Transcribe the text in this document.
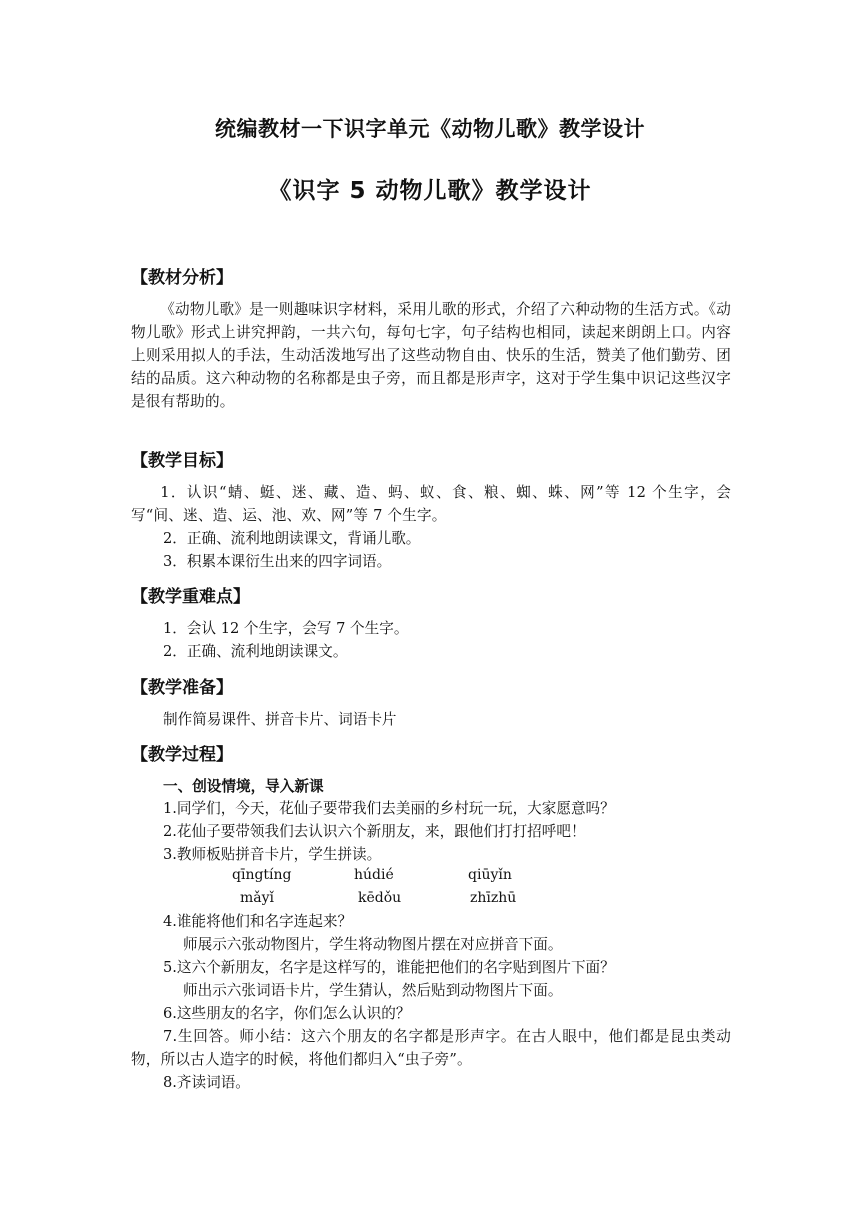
统编教材一下识字单元《动物儿歌》教学设计
《识字 5 动物儿歌》教学设计
【教材分析】

《动物儿歌》是一则趣味识字材料，采用儿歌的形式，介绍了六种动物的生活方式。《动物儿歌》形式上讲究押韵，一共六句，每句七字，句子结构也相同，读起来朗朗上口。内容上则采用拟人的手法，生动活泼地写出了这些动物自由、快乐的生活，赞美了他们勤劳、团结的品质。这六种动物的名称都是虫子旁，而且都是形声字，这对于学生集中识记这些汉字是很有帮助的。

【教学目标】

1．认识“蜻、蜓、迷、藏、造、蚂、蚁、食、粮、蜘、蛛、网”等 12 个生字，会写“间、迷、造、运、池、欢、网”等 7 个生字。

2．正确、流利地朗读课文，背诵儿歌。

3．积累本课衍生出来的四字词语。

【教学重难点】

1．会认 12 个生字，会写 7 个生字。

2．正确、流利地朗读课文。

【教学准备】

制作简易课件、拼音卡片、词语卡片

【教学过程】

一、创设情境，导入新课

1.同学们，今天，花仙子要带我们去美丽的乡村玩一玩，大家愿意吗？

2.花仙子要带领我们去认识六个新朋友，来，跟他们打打招呼吧！

3.教师板贴拼音卡片，学生拼读。

qīngtíng	húdié	qiūyǐn

mǎyǐ	kēdǒu	zhīzhū

4.谁能将他们和名字连起来？

师展示六张动物图片，学生将动物图片摆在对应拼音下面。

5.这六个新朋友，名字是这样写的，谁能把他们的名字贴到图片下面？

师出示六张词语卡片，学生猜认，然后贴到动物图片下面。

6.这些朋友的名字，你们怎么认识的？

7.生回答。师小结：这六个朋友的名字都是形声字。在古人眼中，他们都是昆虫类动物，所以古人造字的时候，将他们都归入“虫子旁”。

8.齐读词语。
